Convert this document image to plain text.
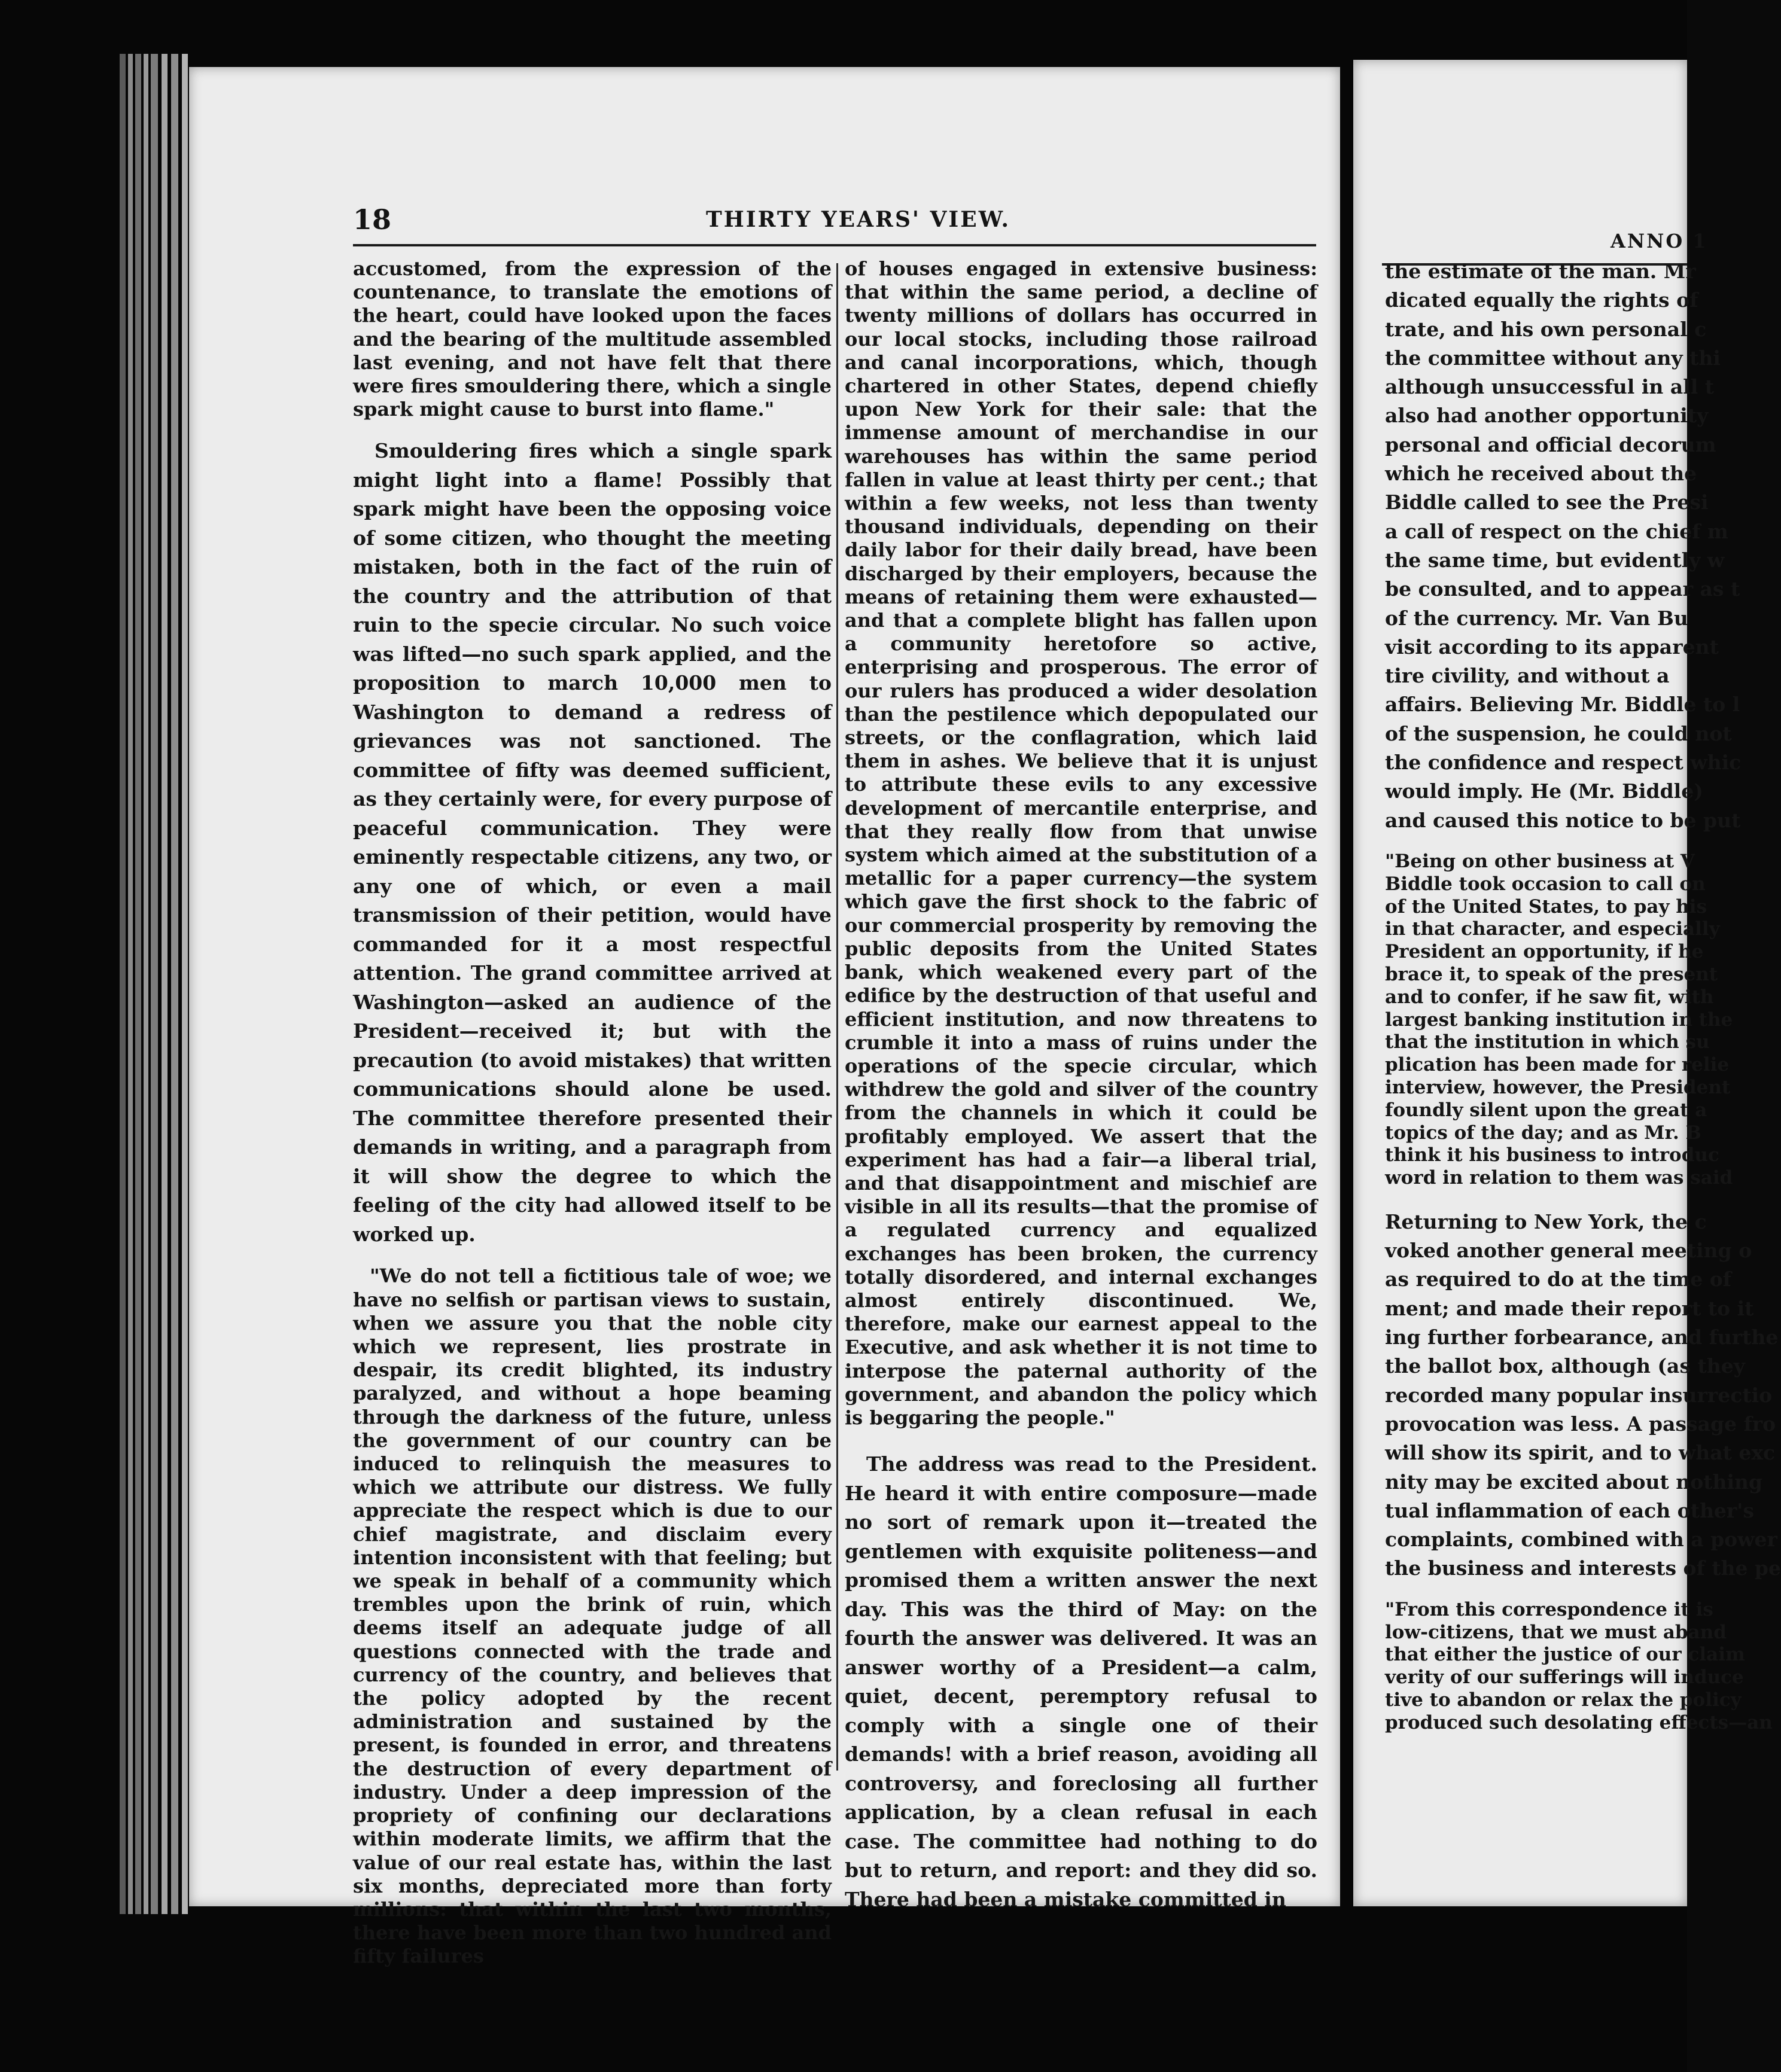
18	THIRTY YEARS' VIEW.

accustomed, from the expression of the countenance, to translate the emotions of the heart, could have looked upon the faces and the bearing of the multitude assembled last evening, and not have felt that there were fires smouldering there, which a single spark might cause to burst into flame."

Smouldering fires which a single spark might light into a flame! Possibly that spark might have been the opposing voice of some citizen, who thought the meeting mistaken, both in the fact of the ruin of the country and the attribution of that ruin to the specie circular. No such voice was lifted—no such spark applied, and the proposition to march 10,000 men to Washington to demand a redress of grievances was not sanctioned. The committee of fifty was deemed sufficient, as they certainly were, for every purpose of peaceful communication. They were eminently respectable citizens, any two, or any one of which, or even a mail transmission of their petition, would have commanded for it a most respectful attention. The grand committee arrived at Washington—asked an audience of the President—received it; but with the precaution (to avoid mistakes) that written communications should alone be used. The committee therefore presented their demands in writing, and a paragraph from it will show the degree to which the feeling of the city had allowed itself to be worked up.

"We do not tell a fictitious tale of woe; we have no selfish or partisan views to sustain, when we assure you that the noble city which we represent, lies prostrate in despair, its credit blighted, its industry paralyzed, and without a hope beaming through the darkness of the future, unless the government of our country can be induced to relinquish the measures to which we attribute our distress. We fully appreciate the respect which is due to our chief magistrate, and disclaim every intention inconsistent with that feeling; but we speak in behalf of a community which trembles upon the brink of ruin, which deems itself an adequate judge of all questions connected with the trade and currency of the country, and believes that the policy adopted by the recent administration and sustained by the present, is founded in error, and threatens the destruction of every department of industry. Under a deep impression of the propriety of confining our declarations within moderate limits, we affirm that the value of our real estate has, within the last six months, depreciated more than forty millions: that within the last two months, there have been more than two hundred and fifty failures

of houses engaged in extensive business: that within the same period, a decline of twenty millions of dollars has occurred in our local stocks, including those railroad and canal incorporations, which, though chartered in other States, depend chiefly upon New York for their sale: that the immense amount of merchandise in our warehouses has within the same period fallen in value at least thirty per cent.; that within a few weeks, not less than twenty thousand individuals, depending on their daily labor for their daily bread, have been discharged by their employers, because the means of retaining them were exhausted—and that a complete blight has fallen upon a community heretofore so active, enterprising and prosperous. The error of our rulers has produced a wider desolation than the pestilence which depopulated our streets, or the conflagration, which laid them in ashes. We believe that it is unjust to attribute these evils to any excessive development of mercantile enterprise, and that they really flow from that unwise system which aimed at the substitution of a metallic for a paper currency—the system which gave the first shock to the fabric of our commercial prosperity by removing the public deposits from the United States bank, which weakened every part of the edifice by the destruction of that useful and efficient institution, and now threatens to crumble it into a mass of ruins under the operations of the specie circular, which withdrew the gold and silver of the country from the channels in which it could be profitably employed. We assert that the experiment has had a fair—a liberal trial, and that disappointment and mischief are visible in all its results—that the promise of a regulated currency and equalized exchanges has been broken, the currency totally disordered, and internal exchanges almost entirely discontinued. We, therefore, make our earnest appeal to the Executive, and ask whether it is not time to interpose the paternal authority of the government, and abandon the policy which is beggaring the people."

The address was read to the President. He heard it with entire composure—made no sort of remark upon it—treated the gentlemen with exquisite politeness—and promised them a written answer the next day. This was the third of May: on the fourth the answer was delivered. It was an answer worthy of a President—a calm, quiet, decent, peremptory refusal to comply with a single one of their demands! with a brief reason, avoiding all controversy, and foreclosing all further application, by a clean refusal in each case. The committee had nothing to do but to return, and report: and they did so. There had been a mistake committed in

ANNO 1

the estimate of the man. Mr

dicated equally the rights of

trate, and his own personal c

the committee without any thi

although unsuccessful in all t

also had another opportunity

personal and official decorum

which he received about the

Biddle called to see the Presi

a call of respect on the chief m

the same time, but evidently w

be consulted, and to appear as t

of the currency. Mr. Van Bu

visit according to its apparent

tire civility, and without a

affairs. Believing Mr. Biddle to l

of the suspension, he could not

the confidence and respect whic

would imply. He (Mr. Biddle)

and caused this notice to be put

"Being on other business at V

Biddle took occasion to call on

of the United States, to pay his

in that character, and especially

President an opportunity, if he

brace it, to speak of the present

and to confer, if he saw fit, with

largest banking institution in the

that the institution in which su

plication has been made for relie

interview, however, the President

foundly silent upon the great a

topics of the day; and as Mr. B

think it his business to introduc

word in relation to them was said

Returning to New York, the c

voked another general meeting o

as required to do at the time of

ment; and made their report to it

ing further forbearance, and furthe

the ballot box, although (as they

recorded many popular insurrectio

provocation was less. A passage fro

will show its spirit, and to what exc

nity may be excited about nothing

tual inflammation of each other's

complaints, combined with a power

the business and interests of the pe

"From this correspondence it is

low-citizens, that we must aband

that either the justice of our claim

verity of our sufferings will induce

tive to abandon or relax the policy

produced such desolating effects—an
